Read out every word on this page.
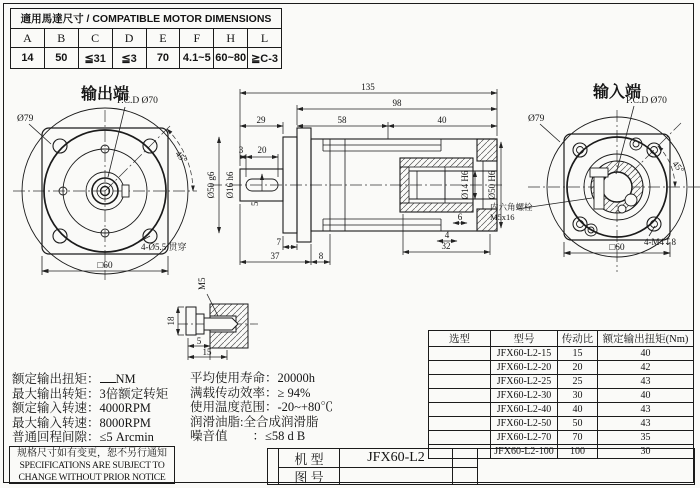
適用馬達尺寸 / COMPATIBLE MOTOR DIMENSIONS							
A	B	C	D	E	F	H	L
14	50	≦31	≦3	70	4.1~5	60~80	≧C-3
输出端
45°
Ø79
P.C.D Ø70
4-Ø5.5 贯穿
□60
135
98
29	58	40
3 20
Ø50 g6 Ø16 h6
5
7
37	8
32
4
6
Ø14 H6 Ø50 H6
输入端
45°
Ø79
P.C.D Ø70
4-M4↧8
内六角螺栓
M5x16
□60
M5
18
5
15
额定输出扭矩： NM
最大输出转矩：3倍额定转矩
额定输入转速：4000RPM
最大输入转速：8000RPM
普通回程间隙：≤5 Arcmin
平均使用寿命：20000h
满载传动效率：≥ 94%
使用温度范围：-20~+80℃
润滑油脂:全合成润滑脂
噪音值　　：≤58 d B
选型	型号	传动比	额定输出扭矩(Nm)
	JFX60-L2-15	15	40
	JFX60-L2-20	20	42
	JFX60-L2-25	25	43
	JFX60-L2-30	30	40
	JFX60-L2-40	40	43
	JFX60-L2-50	50	43
	JFX60-L2-70	70	35
	JFX60-L2-100	100	30
规格尺寸如有变更，恕不另行通知
SPECIFICATIONS ARE SUBJECT TO
CHANGE WITHOUT PRIOR NOTICE
机 型	JFX60-L2
图 号
